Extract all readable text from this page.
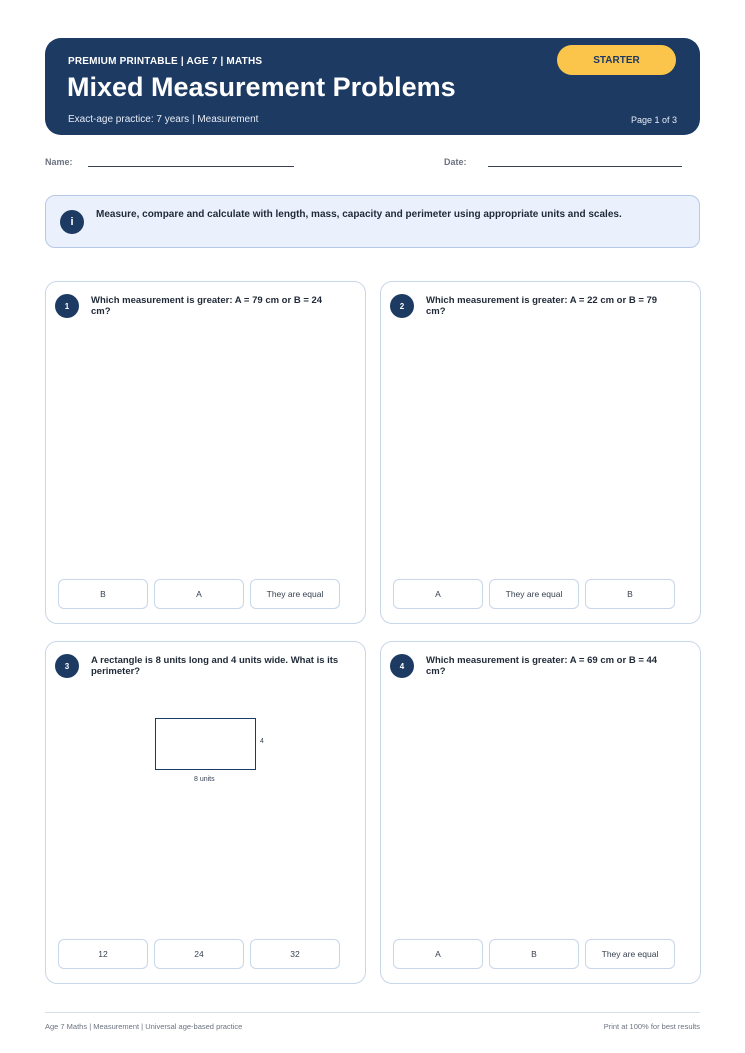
PREMIUM PRINTABLE | AGE 7 | MATHS
Mixed Measurement Problems
Exact-age practice: 7 years | Measurement	Page 1 of 3
STARTER
Name:	Date:
i
Measure, compare and calculate with length, mass, capacity and perimeter using appropriate units and scales.
1	Which measurement is greater: A = 79 cm or B = 24 cm?
B	A	They are equal
2	Which measurement is greater: A = 22 cm or B = 79 cm?
A	They are equal	B
3	A rectangle is 8 units long and 4 units wide. What is its perimeter?
4
8 units
12	24	32
4	Which measurement is greater: A = 69 cm or B = 44 cm?
A	B	They are equal
Age 7 Maths | Measurement | Universal age-based practice	Print at 100% for best results
